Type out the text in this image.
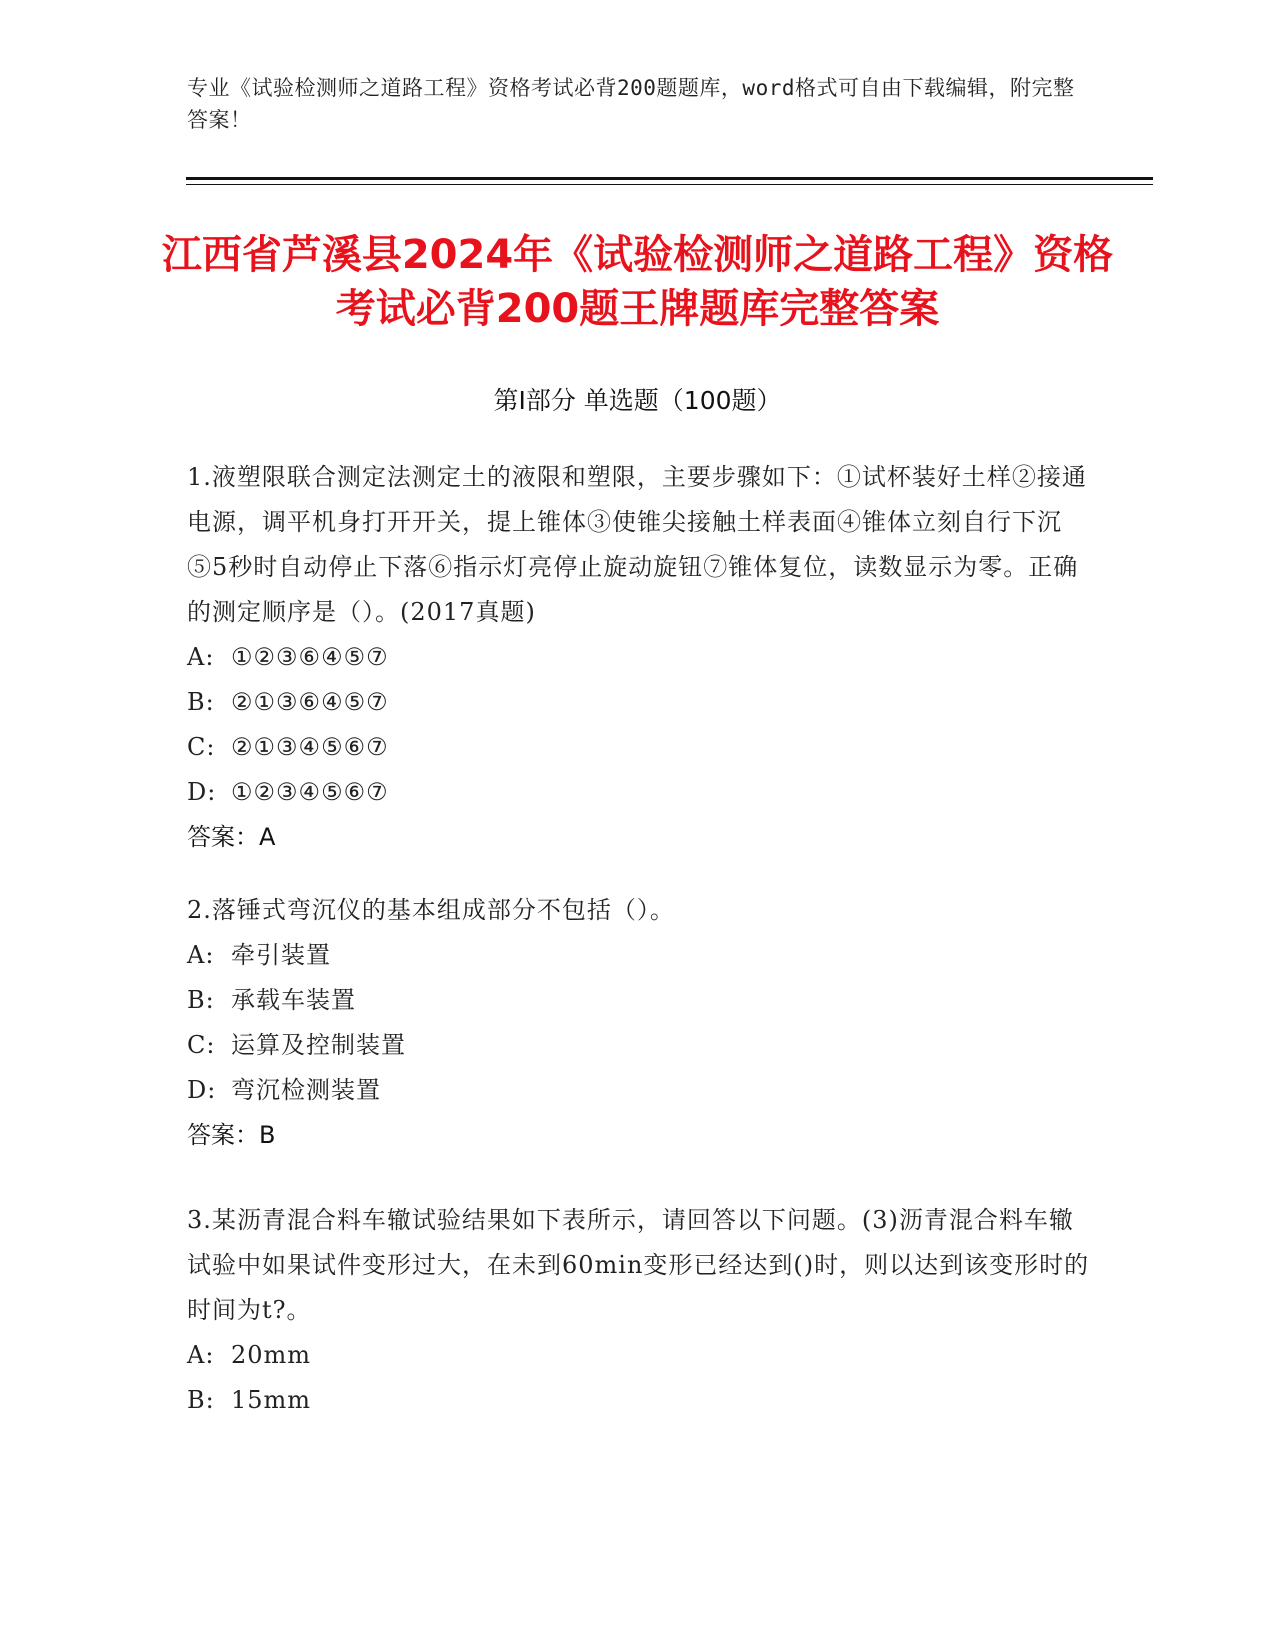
专业《试验检测师之道路工程》资格考试必背200题题库，word格式可自由下载编辑，附完整答案！
江西省芦溪县2024年《试验检测师之道路工程》资格考试必背200题王牌题库完整答案
第I部分 单选题（100题）
1.液塑限联合测定法测定土的液限和塑限，主要步骤如下：①试杯装好土样②接通电源，调平机身打开开关，提上锥体③使锥尖接触土样表面④锥体立刻自行下沉⑤5秒时自动停止下落⑥指示灯亮停止旋动旋钮⑦锥体复位，读数显示为零。正确的测定顺序是（）。(2017真题)
A: ①②③⑥④⑤⑦
B: ②①③⑥④⑤⑦
C: ②①③④⑤⑥⑦
D: ①②③④⑤⑥⑦
答案：A
2.落锤式弯沉仪的基本组成部分不包括（）。
A: 牵引装置
B: 承载车装置
C: 运算及控制装置
D: 弯沉检测装置
答案：B
3.某沥青混合料车辙试验结果如下表所示，请回答以下问题。(3)沥青混合料车辙试验中如果试件变形过大，在未到60min变形已经达到()时，则以达到该变形时的时间为t?。
A: 20mm
B: 15mm
